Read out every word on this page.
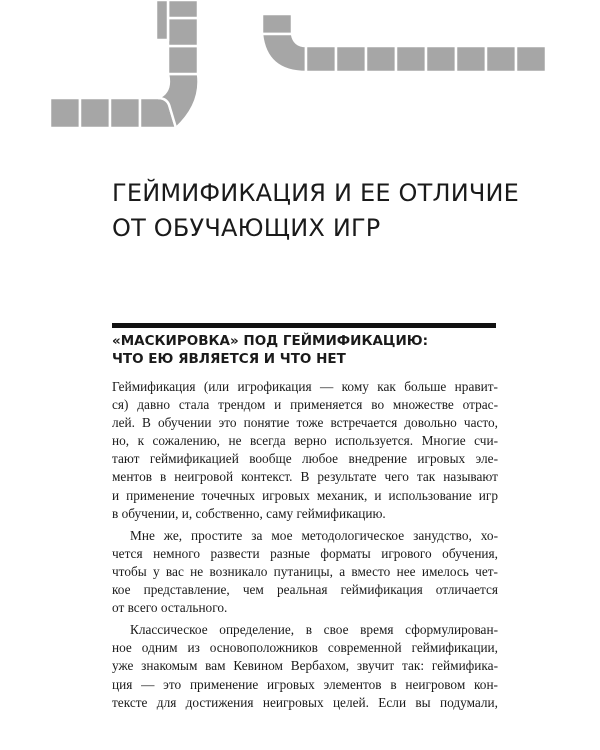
ГЕЙМИФИКАЦИЯ И ЕЕ ОТЛИЧИЕ
ОТ ОБУЧАЮЩИХ ИГР
«МАСКИРОВКА» ПОД ГЕЙМИФИКАЦИЮ:
ЧТО ЕЮ ЯВЛЯЕТСЯ И ЧТО НЕТ

Геймификация (или игрофикация — кому как больше нравит-
ся) давно стала трендом и применяется во множестве отрас-
лей. В обучении это понятие тоже встречается довольно часто,
но, к сожалению, не всегда верно используется. Многие счи-
тают геймификацией вообще любое внедрение игровых эле-
ментов в неигровой контекст. В результате чего так называют
и применение точечных игровых механик, и использование игр
в обучении, и, собственно, саму геймификацию.

Мне же, простите за мое методологическое занудство, хо-
чется немного развести разные форматы игрового обучения,
чтобы у вас не возникало путаницы, а вместо нее имелось чет-
кое представление, чем реальная геймификация отличается
от всего остального.

Классическое определение, в свое время сформулирован-
ное одним из основоположников современной геймификации,
уже знакомым вам Кевином Вербахом, звучит так: геймифика-
ция — это применение игровых элементов в неигровом кон-
тексте для достижения неигровых целей. Если вы подумали,
